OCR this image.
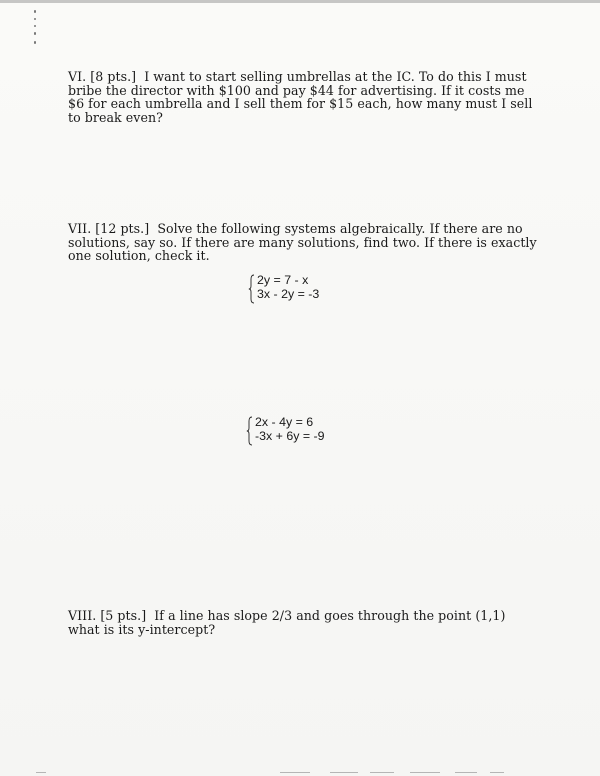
VI. [8 pts.] I want to start selling umbrellas at the IC. To do this I must bribe the director with $100 and pay $44 for advertising. If it costs me $6 for each umbrella and I sell them for $15 each, how many must I sell to break even?
VII. [12 pts.] Solve the following systems algebraically. If there are no solutions, say so. If there are many solutions, find two. If there is exactly one solution, check it.
2y = 7 - x
3x - 2y = -3
2x - 4y = 6
-3x + 6y = -9
VIII. [5 pts.] If a line has slope 2/3 and goes through the point (1,1) what is its y-intercept?
